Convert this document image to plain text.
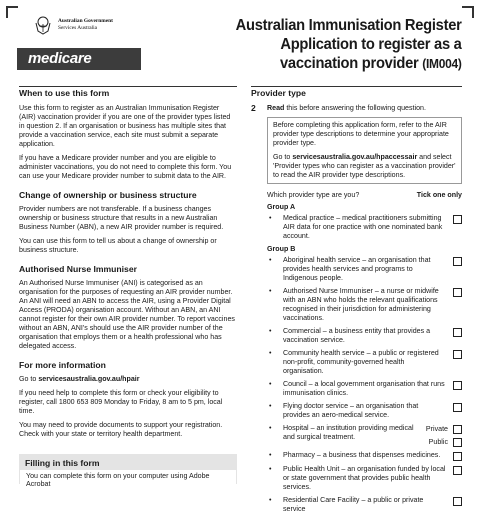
Australian Government
Services Australia
medicare
Australian Immunisation Register
Application to register as a
vaccination provider (IM004)
When to use this form

Use this form to register as an Australian Immunisation Register (AIR) vaccination provider if you are one of the provider types listed in question 2. If an organisation or business has multiple sites that provide a vaccination service, each site must submit a separate application.

If you have a Medicare provider number and you are eligible to administer vaccinations, you do not need to complete this form. You can use your Medicare provider number to submit data to the AIR.

Change of ownership or business structure

Provider numbers are not transferable. If a business changes ownership or business structure that results in a new Australian Business Number (ABN), a new AIR provider number is required.

You can use this form to tell us about a change of ownership or business structure.

Authorised Nurse Immuniser

An Authorised Nurse Immuniser (ANI) is categorised as an organisation for the purposes of requesting an AIR provider number. An ANI will need an ABN to access the AIR, using a Provider Digital Access (PRODA) organisation account. Without an ABN, an ANI cannot register for their own AIR provider number. To report vaccines without an ABN, ANI's should use the AIR provider number of the organisation that employs them or a health professional who has delegated access.

For more information

Go to servicesaustralia.gov.au/hpair

If you need help to complete this form or check your eligibility to register, call 1800 653 809 Monday to Friday, 8 am to 5 pm, local time.

You may need to provide documents to support your registration. Check with your state or territory health department.

Filling in this form
You can complete this form on your computer using Adobe Acrobat
Provider type
2	Read this before answering the following question.

Before completing this application form, refer to the AIR provider type descriptions to determine your appropriate provider type.

Go to servicesaustralia.gov.au/hpaccessair and select 'Provider types who can register as a vaccination provider' to read the AIR provider type descriptions.

Which provider type are you?	Tick one only
Group A
•	Medical practice – medical practitioners submitting AIR data for one practice with one nominated bank account.
Group B
•	Aboriginal health service – an organisation that provides health services and programs to Indigenous people.
•	Authorised Nurse Immuniser – a nurse or midwife with an ABN who holds the relevant qualifications recognised in their jurisdiction for administering vaccinations.
•	Commercial – a business entity that provides a vaccination service.
•	Community health service – a public or registered non-profit, community-governed health organisation.
•	Council – a local government organisation that runs immunisation clinics.
•	Flying doctor service – an organisation that provides an aero-medical service.
•	Hospital – an institution providing medical and surgical treatment.
Private
Public
•	Pharmacy – a business that dispenses medicines.
•	Public Health Unit – an organisation funded by local or state government that provides public health services.
•	Residential Care Facility – a public or private service
